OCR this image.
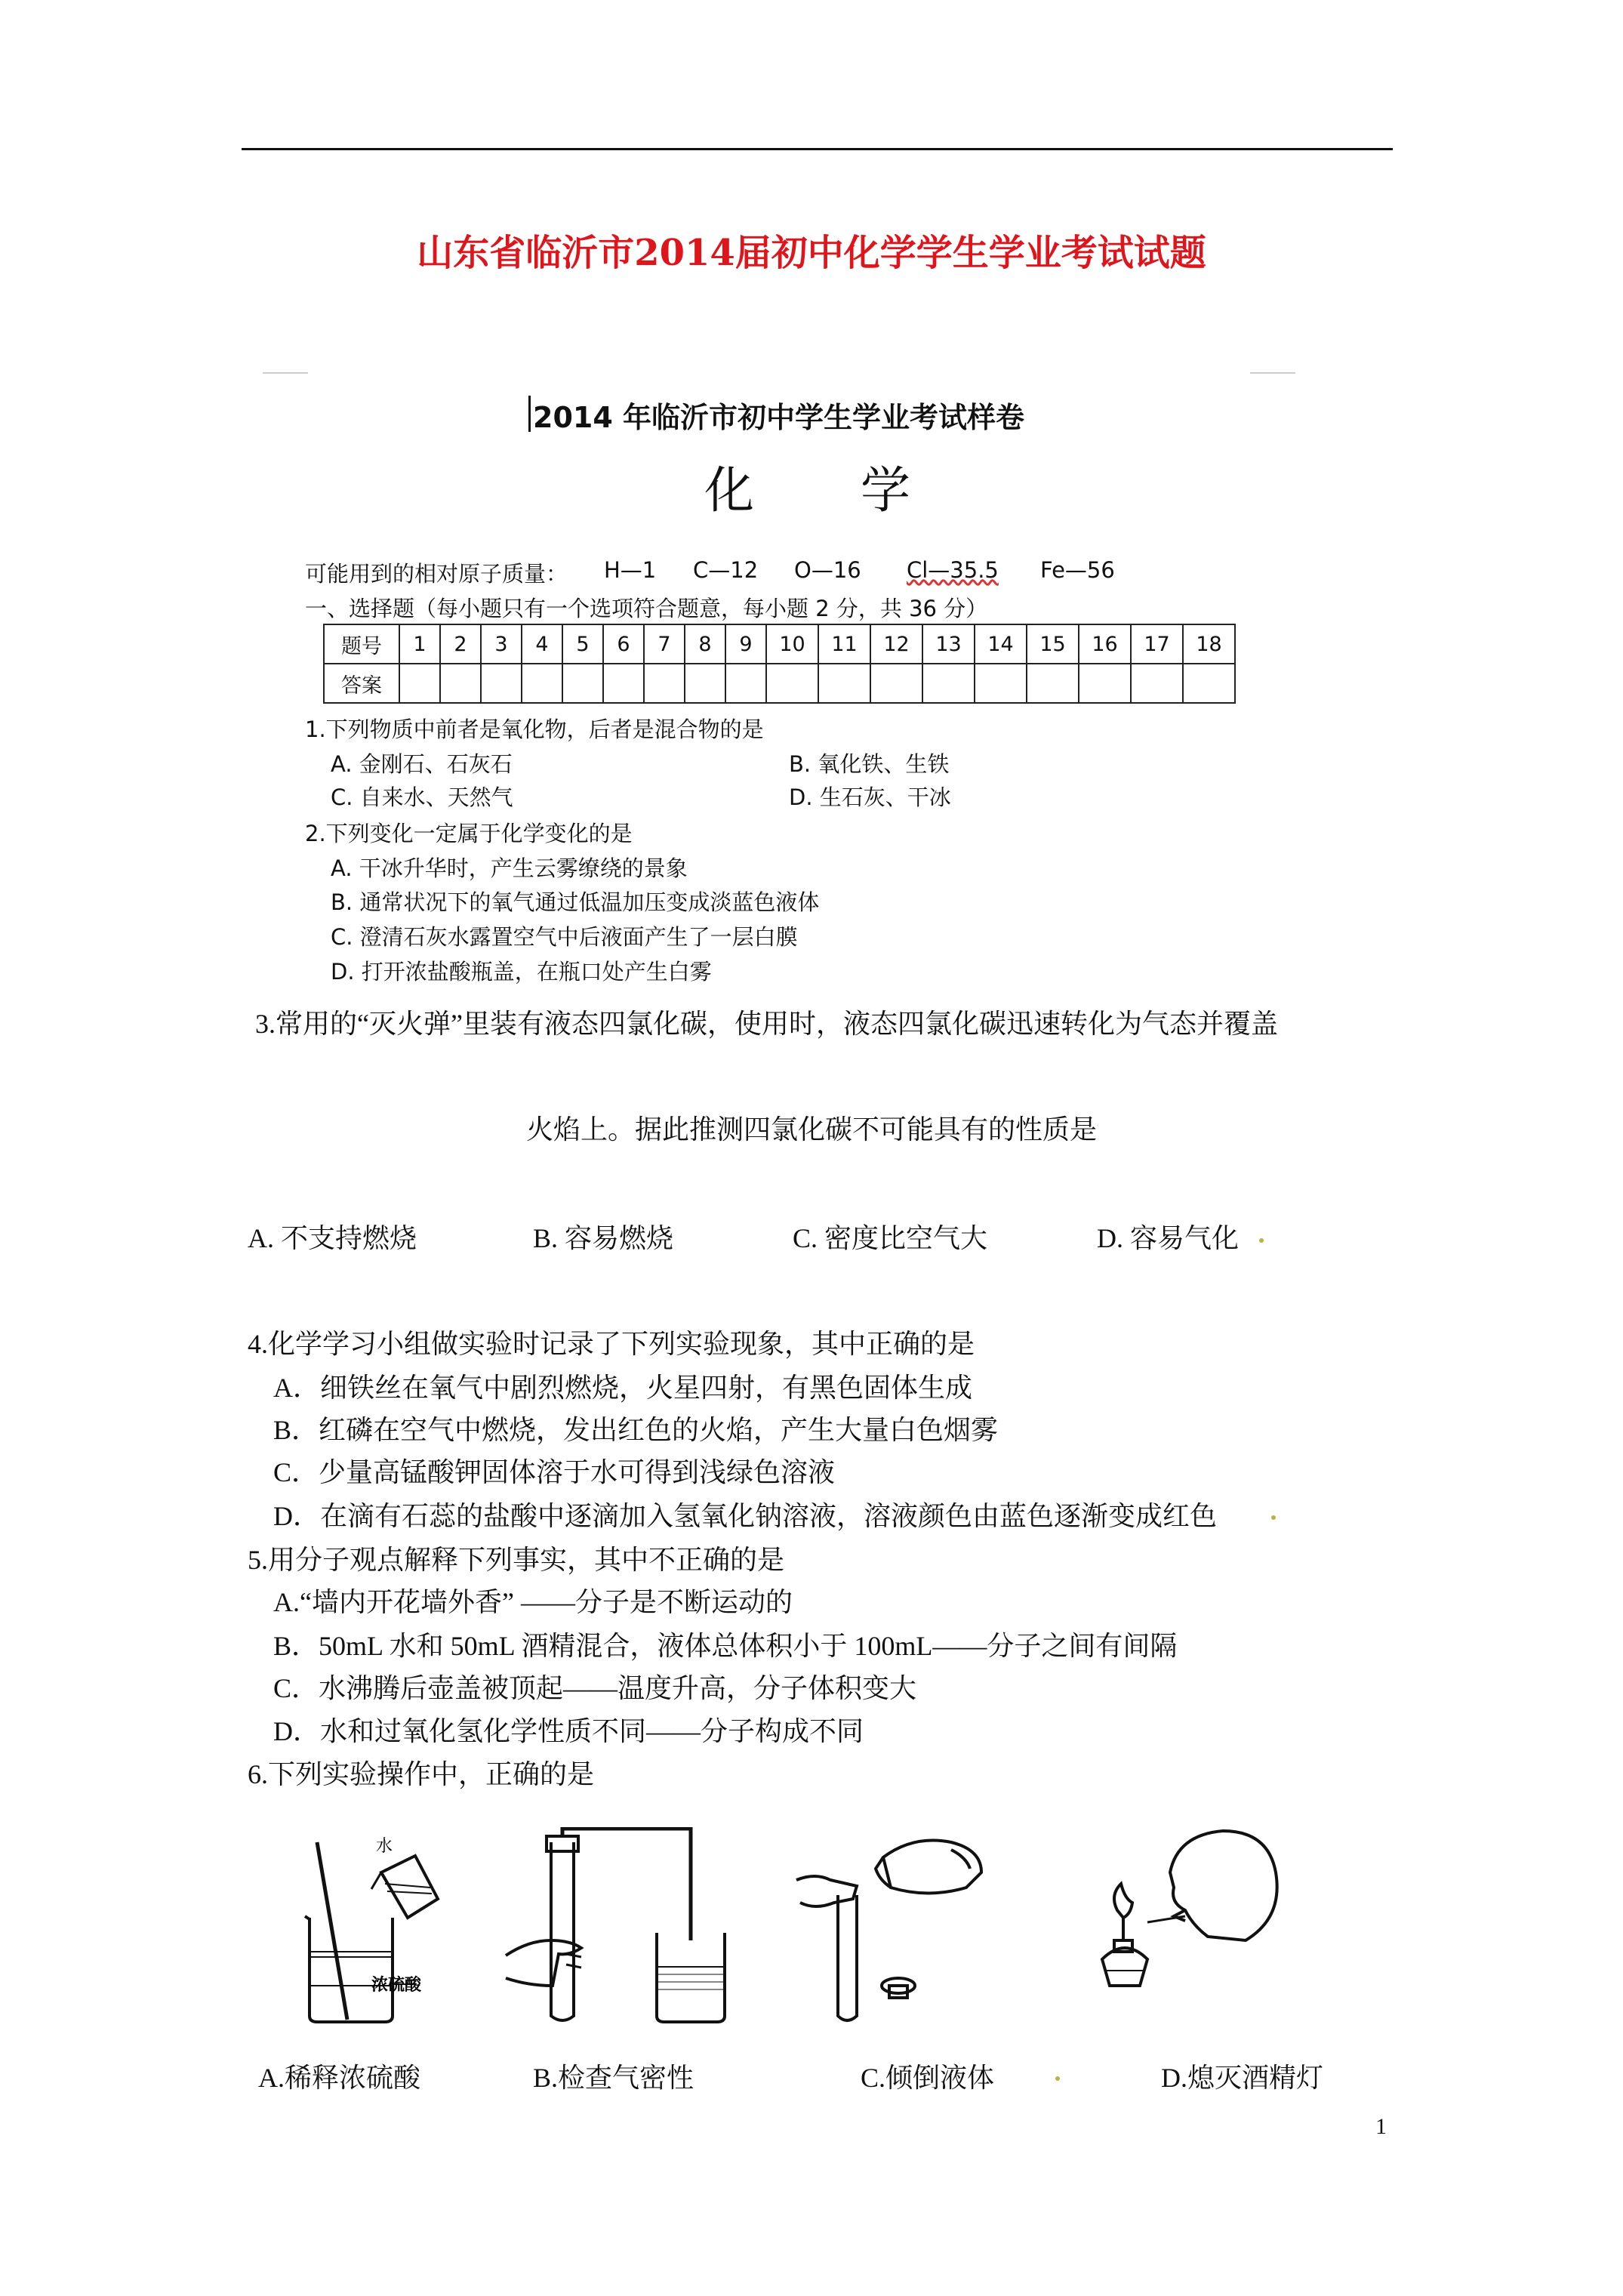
山东省临沂市2014届初中化学学生学业考试试题
2014 年临沂市初中学生学业考试样卷
化 学
可能用到的相对原子质量： H—1 C—12 O—16 Cl—35.5 Fe—56
一、选择题（每小题只有一个选项符合题意，每小题 2 分，共 36 分）
题号	1	2	3	4	5	6	7	8	9	10	11	12	13	14	15	16	17	18
答案																		
1.下列物质中前者是氧化物，后者是混合物的是
A. 金刚石、石灰石	B. 氧化铁、生铁
C. 自来水、天然气	D. 生石灰、干冰
2.下列变化一定属于化学变化的是
A. 干冰升华时，产生云雾缭绕的景象
B. 通常状况下的氧气通过低温加压变成淡蓝色液体
C. 澄清石灰水露置空气中后液面产生了一层白膜
D. 打开浓盐酸瓶盖，在瓶口处产生白雾
3.常用的“灭火弹”里装有液态四氯化碳，使用时，液态四氯化碳迅速转化为气态并覆盖
火焰上。据此推测四氯化碳不可能具有的性质是
A. 不支持燃烧	B. 容易燃烧	C. 密度比空气大	D. 容易气化
4.化学学习小组做实验时记录了下列实验现象，其中正确的是
A．细铁丝在氧气中剧烈燃烧，火星四射，有黑色固体生成
B．红磷在空气中燃烧，发出红色的火焰，产生大量白色烟雾
C．少量高锰酸钾固体溶于水可得到浅绿色溶液
D．在滴有石蕊的盐酸中逐滴加入氢氧化钠溶液，溶液颜色由蓝色逐渐变成红色
5.用分子观点解释下列事实，其中不正确的是
A.“墙内开花墙外香” ——分子是不断运动的
B．50mL 水和 50mL 酒精混合，液体总体积小于 100mL——分子之间有间隔
C．水沸腾后壶盖被顶起——温度升高，分子体积变大
D．水和过氧化氢化学性质不同——分子构成不同
6.下列实验操作中，正确的是
水
浓硫酸
A.稀释浓硫酸	B.检查气密性	C.倾倒液体	D.熄灭酒精灯
1
